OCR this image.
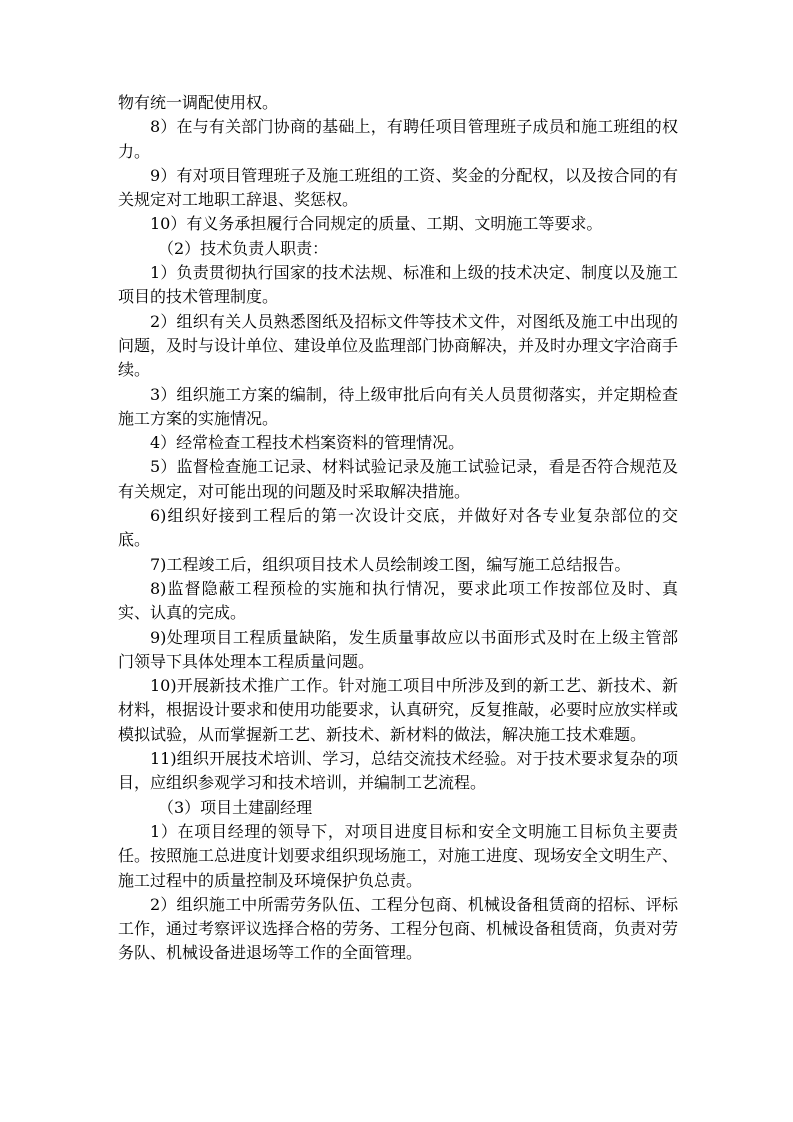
物有统一调配使用权。

8）在与有关部门协商的基础上，有聘任项目管理班子成员和施工班组的权力。

9）有对项目管理班子及施工班组的工资、奖金的分配权，以及按合同的有关规定对工地职工辞退、奖惩权。

10）有义务承担履行合同规定的质量、工期、文明施工等要求。

（2）技术负责人职责：

1）负责贯彻执行国家的技术法规、标准和上级的技术决定、制度以及施工项目的技术管理制度。

2）组织有关人员熟悉图纸及招标文件等技术文件，对图纸及施工中出现的问题，及时与设计单位、建设单位及监理部门协商解决，并及时办理文字洽商手续。

3）组织施工方案的编制，待上级审批后向有关人员贯彻落实，并定期检查施工方案的实施情况。

4）经常检查工程技术档案资料的管理情况。

5）监督检查施工记录、材料试验记录及施工试验记录，看是否符合规范及有关规定，对可能出现的问题及时采取解决措施。

6)组织好接到工程后的第一次设计交底，并做好对各专业复杂部位的交底。

7)工程竣工后，组织项目技术人员绘制竣工图，编写施工总结报告。

8)监督隐蔽工程预检的实施和执行情况，要求此项工作按部位及时、真实、认真的完成。

9)处理项目工程质量缺陷，发生质量事故应以书面形式及时在上级主管部门领导下具体处理本工程质量问题。

10)开展新技术推广工作。针对施工项目中所涉及到的新工艺、新技术、新材料，根据设计要求和使用功能要求，认真研究，反复推敲，必要时应放实样或模拟试验，从而掌握新工艺、新技术、新材料的做法，解决施工技术难题。

11)组织开展技术培训、学习，总结交流技术经验。对于技术要求复杂的项目，应组织参观学习和技术培训，并编制工艺流程。

（3）项目土建副经理

1）在项目经理的领导下，对项目进度目标和安全文明施工目标负主要责任。按照施工总进度计划要求组织现场施工，对施工进度、现场安全文明生产、施工过程中的质量控制及环境保护负总责。

2）组织施工中所需劳务队伍、工程分包商、机械设备租赁商的招标、评标工作，通过考察评议选择合格的劳务、工程分包商、机械设备租赁商，负责对劳务队、机械设备进退场等工作的全面管理。
